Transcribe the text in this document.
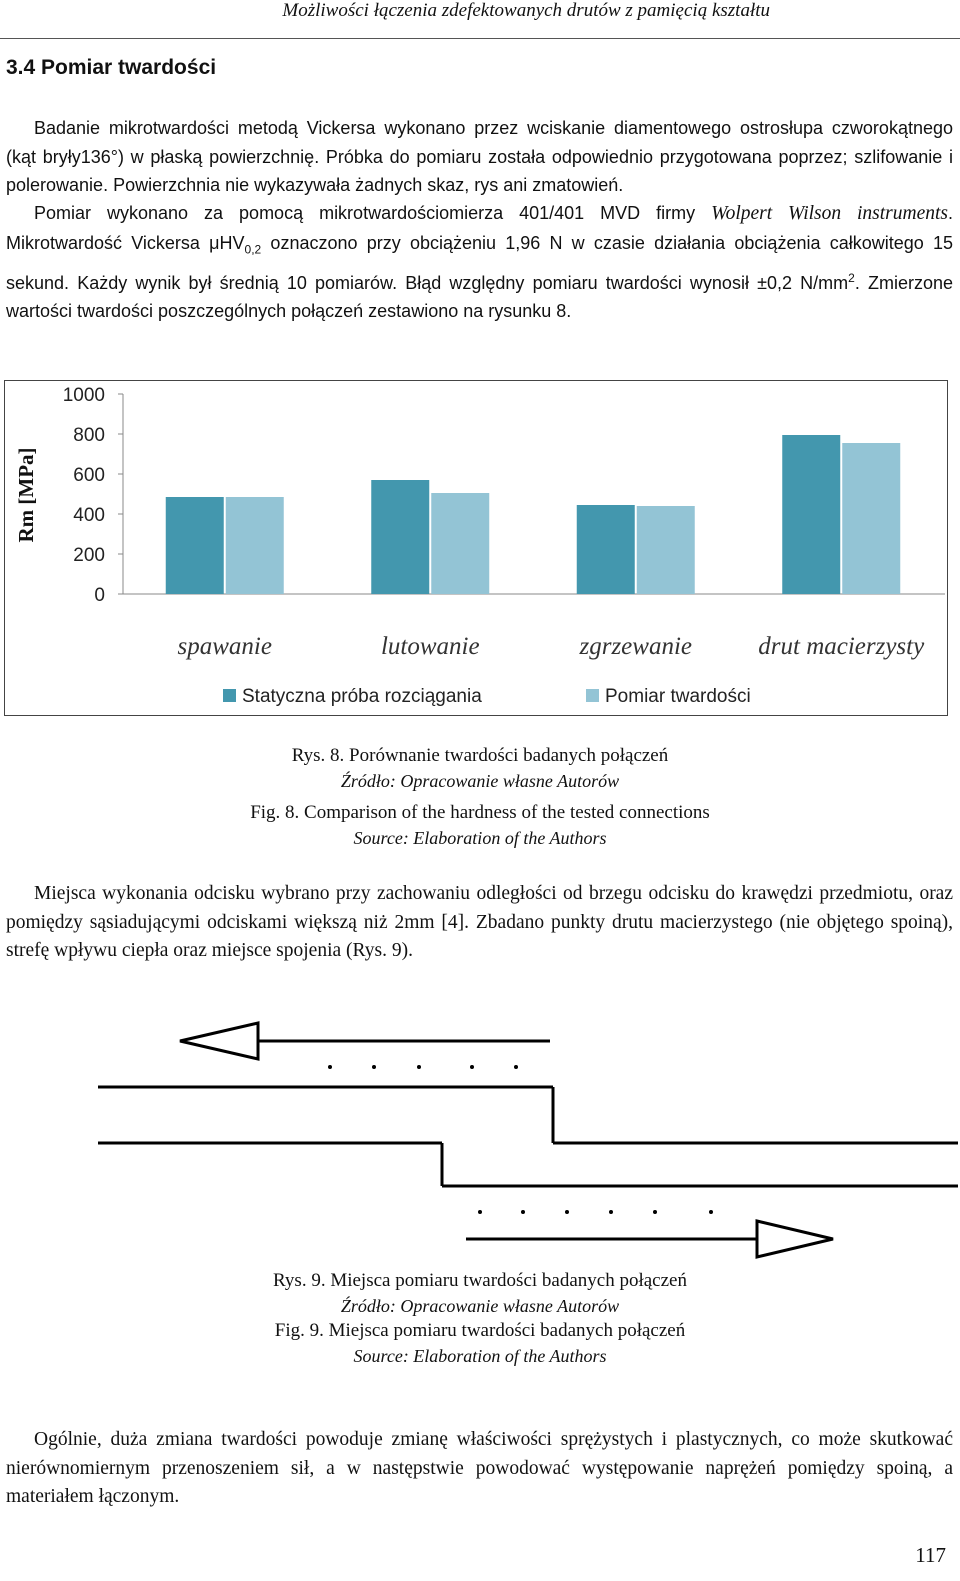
Możliwości łączenia zdefektowanych drutów z pamięcią kształtu
3.4 Pomiar twardości

Badanie mikrotwardości metodą Vickersa wykonano przez wciskanie diamentowego ostrosłupa czworokątnego (kąt bryły136°) w płaską powierzchnię. Próbka do pomiaru została odpowiednio przygotowana poprzez; szlifowanie i polerowanie. Powierzchnia nie wykazywała żadnych skaz, rys ani zmatowień.

Pomiar wykonano za pomocą mikrotwardościomierza 401/401 MVD firmy Wolpert Wilson instruments. Mikrotwardość Vickersa μHV$_{0,2}$ oznaczono przy obciążeniu 1,96 N w czasie działania obciążenia całkowitego 15 sekund. Każdy wynik był średnią 10 pomiarów. Błąd względny pomiaru twardości wynosił ±0,2 $N/mm^2$. Zmierzone wartości twardości poszczególnych połączeń zestawiono na rysunku 8.

0
200
400
600
800
1000
spawanie	lutowanie	zgrzewanie	drut macierzysty
Rm [MPa]
Statyczna próba rozciągania	Pomiar twardości

Rys. 8. Porównanie twardości badanych połączeń

Źródło: Opracowanie własne Autorów

Fig. 8. Comparison of the hardness of the tested connections

Source: Elaboration of the Authors

Miejsca wykonania odcisku wybrano przy zachowaniu odległości od brzegu odcisku do krawędzi przedmiotu, oraz pomiędzy sąsiadującymi odciskami większą niż 2mm [4]. Zbadano punkty drutu macierzystego (nie objętego spoiną), strefę wpływu ciepła oraz miejsce spojenia (Rys. 9).

Rys. 9. Miejsca pomiaru twardości badanych połączeń

Źródło: Opracowanie własne Autorów

Fig. 9. Miejsca pomiaru twardości badanych połączeń

Source: Elaboration of the Authors

Ogólnie, duża zmiana twardości powoduje zmianę właściwości sprężystych i plastycznych, co może skutkować nierównomiernym przenoszeniem sił, a w następstwie powodować występowanie naprężeń pomiędzy spoiną, a materiałem łączonym.

117
